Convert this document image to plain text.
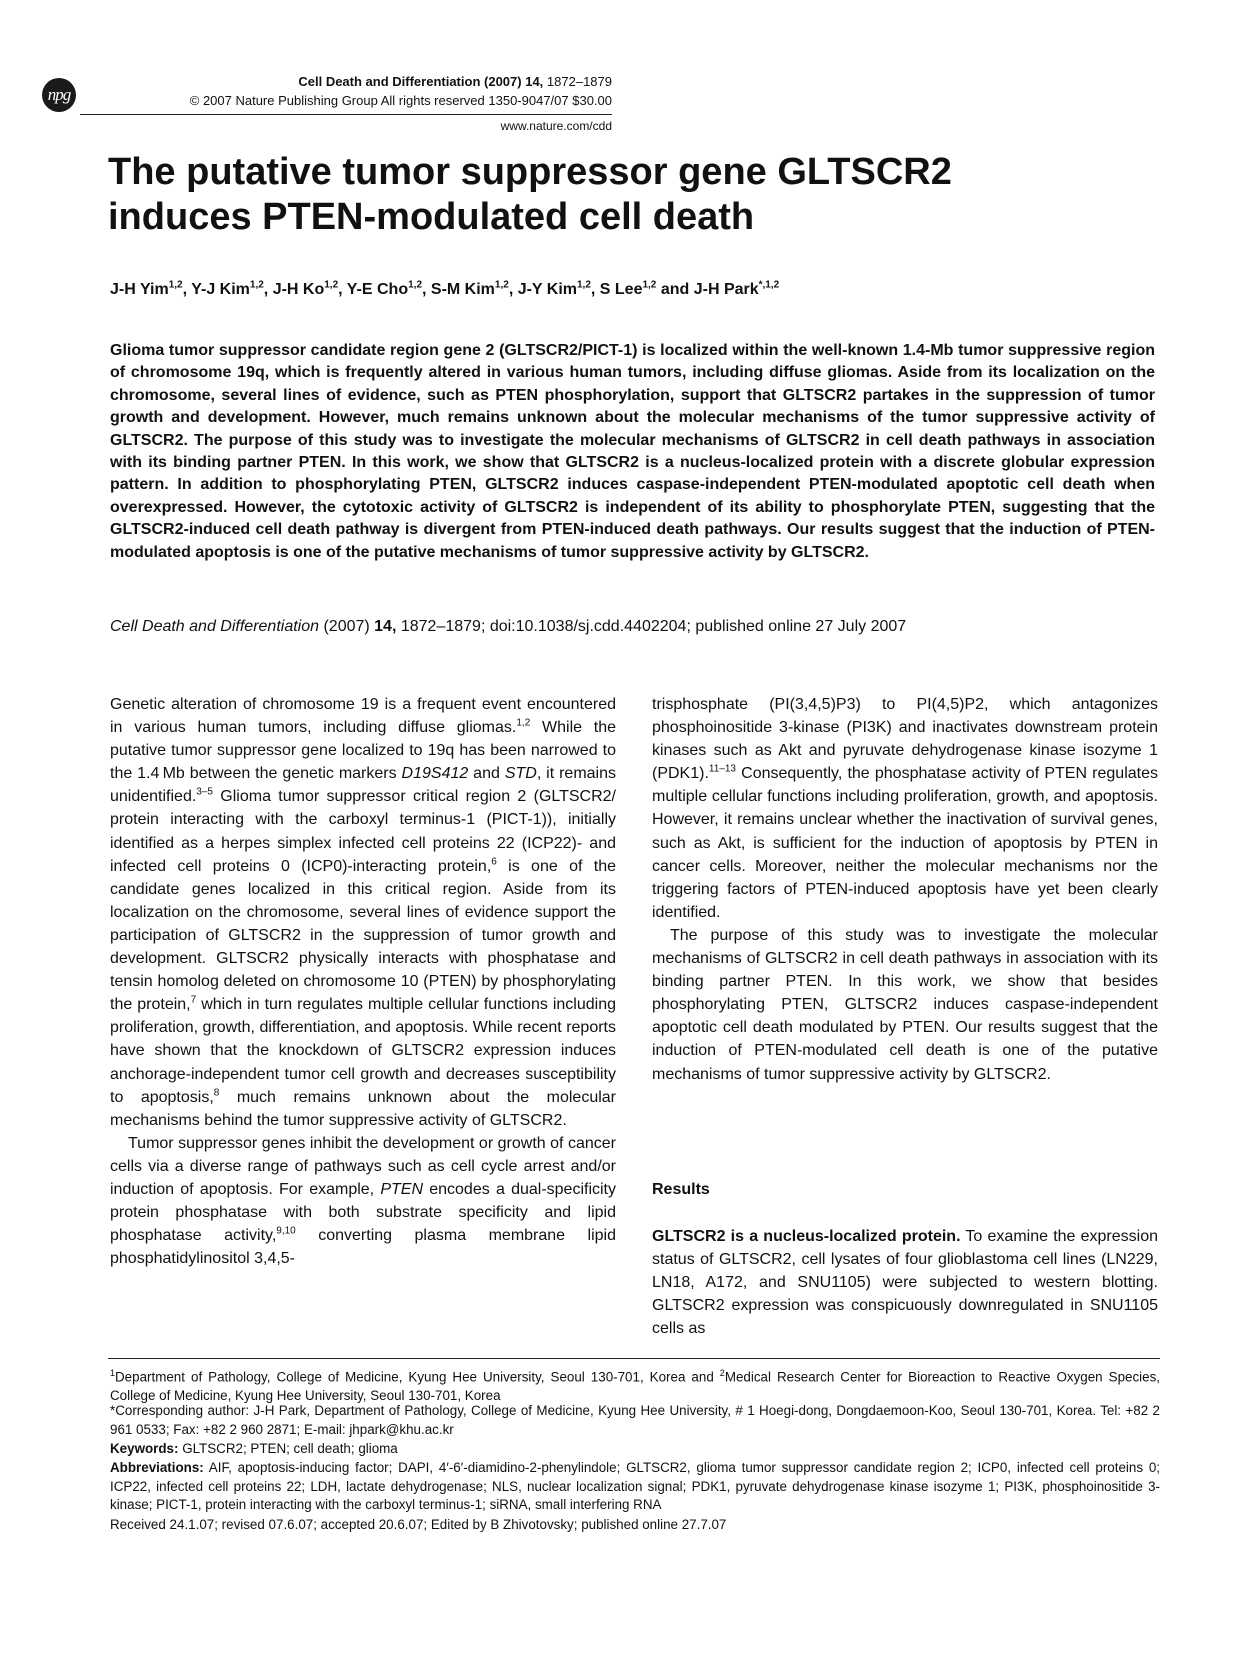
npg
Cell Death and Differentiation (2007) 14, 1872–1879
© 2007 Nature Publishing Group All rights reserved 1350-9047/07 $30.00
www.nature.com/cdd
The putative tumor suppressor gene GLTSCR2
induces PTEN-modulated cell death
J-H Yim$^{1,2}$, Y-J Kim$^{1,2}$, J-H Ko$^{1,2}$, Y-E Cho$^{1,2}$, S-M Kim$^{1,2}$, J-Y Kim$^{1,2}$, S Lee$^{1,2}$ and J-H Park$^{*,1,2}$
Glioma tumor suppressor candidate region gene 2 (GLTSCR2/PICT-1) is localized within the well-known 1.4-Mb tumor suppressive region of chromosome 19q, which is frequently altered in various human tumors, including diffuse gliomas. Aside from its localization on the chromosome, several lines of evidence, such as PTEN phosphorylation, support that GLTSCR2 partakes in the suppression of tumor growth and development. However, much remains unknown about the molecular mechanisms of the tumor suppressive activity of GLTSCR2. The purpose of this study was to investigate the molecular mechanisms of GLTSCR2 in cell death pathways in association with its binding partner PTEN. In this work, we show that GLTSCR2 is a nucleus-localized protein with a discrete globular expression pattern. In addition to phosphorylating PTEN, GLTSCR2 induces caspase-independent PTEN-modulated apoptotic cell death when overexpressed. However, the cytotoxic activity of GLTSCR2 is independent of its ability to phosphorylate PTEN, suggesting that the GLTSCR2-induced cell death pathway is divergent from PTEN-induced death pathways. Our results suggest that the induction of PTEN-modulated apoptosis is one of the putative mechanisms of tumor suppressive activity by GLTSCR2.
Cell Death and Differentiation (2007) 14, 1872–1879; doi:10.1038/sj.cdd.4402204; published online 27 July 2007

Genetic alteration of chromosome 19 is a frequent event encountered in various human tumors, including diffuse gliomas.$^{1,2}$ While the putative tumor suppressor gene localized to 19q has been narrowed to the 1.4 Mb between the genetic markers D19S412 and STD, it remains unidentified.$^{3-5}$ Glioma tumor suppressor critical region 2 (GLTSCR2/ protein interacting with the carboxyl terminus-1 (PICT-1)), initially identified as a herpes simplex infected cell proteins 22 (ICP22)- and infected cell proteins 0 (ICP0)-interacting protein,$^6$ is one of the candidate genes localized in this critical region. Aside from its localization on the chromosome, several lines of evidence support the participation of GLTSCR2 in the suppression of tumor growth and development. GLTSCR2 physically interacts with phosphatase and tensin homolog deleted on chromosome 10 (PTEN) by phosphorylating the protein,$^7$ which in turn regulates multiple cellular functions including proliferation, growth, differentiation, and apoptosis. While recent reports have shown that the knockdown of GLTSCR2 expression induces anchorage-independent tumor cell growth and decreases susceptibility to apoptosis,$^8$ much remains unknown about the molecular mechanisms behind the tumor suppressive activity of GLTSCR2.

Tumor suppressor genes inhibit the development or growth of cancer cells via a diverse range of pathways such as cell cycle arrest and/or induction of apoptosis. For example, PTEN encodes a dual-specificity protein phosphatase with both substrate specificity and lipid phosphatase activity,$^{9,10}$ converting plasma membrane lipid phosphatidylinositol 3,4,5-

trisphosphate (PI(3,4,5)P3) to PI(4,5)P2, which antagonizes phosphoinositide 3-kinase (PI3K) and inactivates downstream protein kinases such as Akt and pyruvate dehydrogenase kinase isozyme 1 (PDK1).$^{11-13}$ Consequently, the phosphatase activity of PTEN regulates multiple cellular functions including proliferation, growth, and apoptosis. However, it remains unclear whether the inactivation of survival genes, such as Akt, is sufficient for the induction of apoptosis by PTEN in cancer cells. Moreover, neither the molecular mechanisms nor the triggering factors of PTEN-induced apoptosis have yet been clearly identified.

The purpose of this study was to investigate the molecular mechanisms of GLTSCR2 in cell death pathways in association with its binding partner PTEN. In this work, we show that besides phosphorylating PTEN, GLTSCR2 induces caspase-independent apoptotic cell death modulated by PTEN. Our results suggest that the induction of PTEN-modulated cell death is one of the putative mechanisms of tumor suppressive activity by GLTSCR2.

Results
GLTSCR2 is a nucleus-localized protein. To examine the expression status of GLTSCR2, cell lysates of four glioblastoma cell lines (LN229, LN18, A172, and SNU1105) were subjected to western blotting. GLTSCR2 expression was conspicuously downregulated in SNU1105 cells as
$^1$Department of Pathology, College of Medicine, Kyung Hee University, Seoul 130-701, Korea and $^2$Medical Research Center for Bioreaction to Reactive Oxygen Species, College of Medicine, Kyung Hee University, Seoul 130-701, Korea
*Corresponding author: J-H Park, Department of Pathology, College of Medicine, Kyung Hee University, # 1 Hoegi-dong, Dongdaemoon-Koo, Seoul 130-701, Korea. Tel: +82 2 961 0533; Fax: +82 2 960 2871; E-mail: jhpark@khu.ac.kr
Keywords: GLTSCR2; PTEN; cell death; glioma
Abbreviations: AIF, apoptosis-inducing factor; DAPI, 4′-6′-diamidino-2-phenylindole; GLTSCR2, glioma tumor suppressor candidate region 2; ICP0, infected cell proteins 0; ICP22, infected cell proteins 22; LDH, lactate dehydrogenase; NLS, nuclear localization signal; PDK1, pyruvate dehydrogenase kinase isozyme 1; PI3K, phosphoinositide 3-kinase; PICT-1, protein interacting with the carboxyl terminus-1; siRNA, small interfering RNA
Received 24.1.07; revised 07.6.07; accepted 20.6.07; Edited by B Zhivotovsky; published online 27.7.07
